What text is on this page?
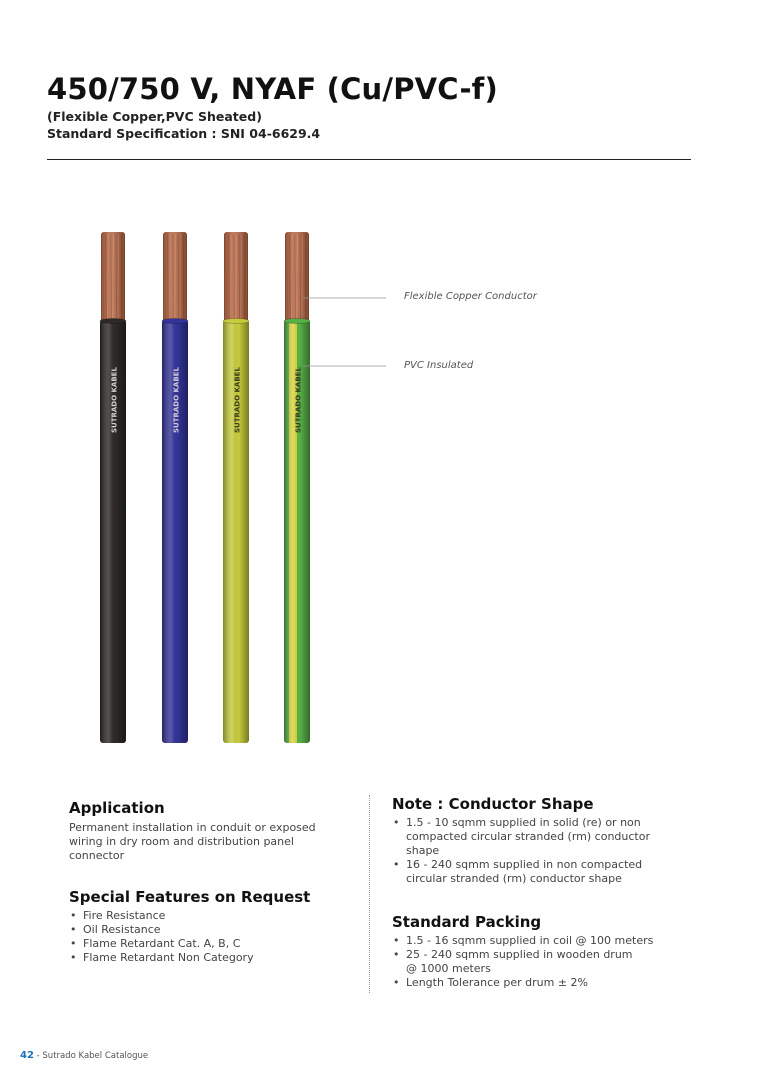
450/750 V, NYAF (Cu/PVC-f)
(Flexible Copper,PVC Sheated)
Standard Specification : SNI 04-6629.4
SUTRADO KABEL	SUTRADO KABEL	SUTRADO KABEL	SUTRADO KABEL
Flexible Copper Conductor
PVC Insulated
Application
Permanent installation in conduit or exposed
wiring in dry room and distribution panel
connector
Special Features on Request
• Fire Resistance
• Oil Resistance
• Flame Retardant Cat. A, B, C
• Flame Retardant Non Category
Note : Conductor Shape
• 1.5 - 10 sqmm supplied in solid (re) or non
compacted circular stranded (rm) conductor
shape
• 16 - 240 sqmm supplied in non compacted
circular stranded (rm) conductor shape
Standard Packing
• 1.5 - 16 sqmm supplied in coil @ 100 meters
• 25 - 240 sqmm supplied in wooden drum
@ 1000 meters
• Length Tolerance per drum ± 2%
42 - Sutrado Kabel Catalogue
